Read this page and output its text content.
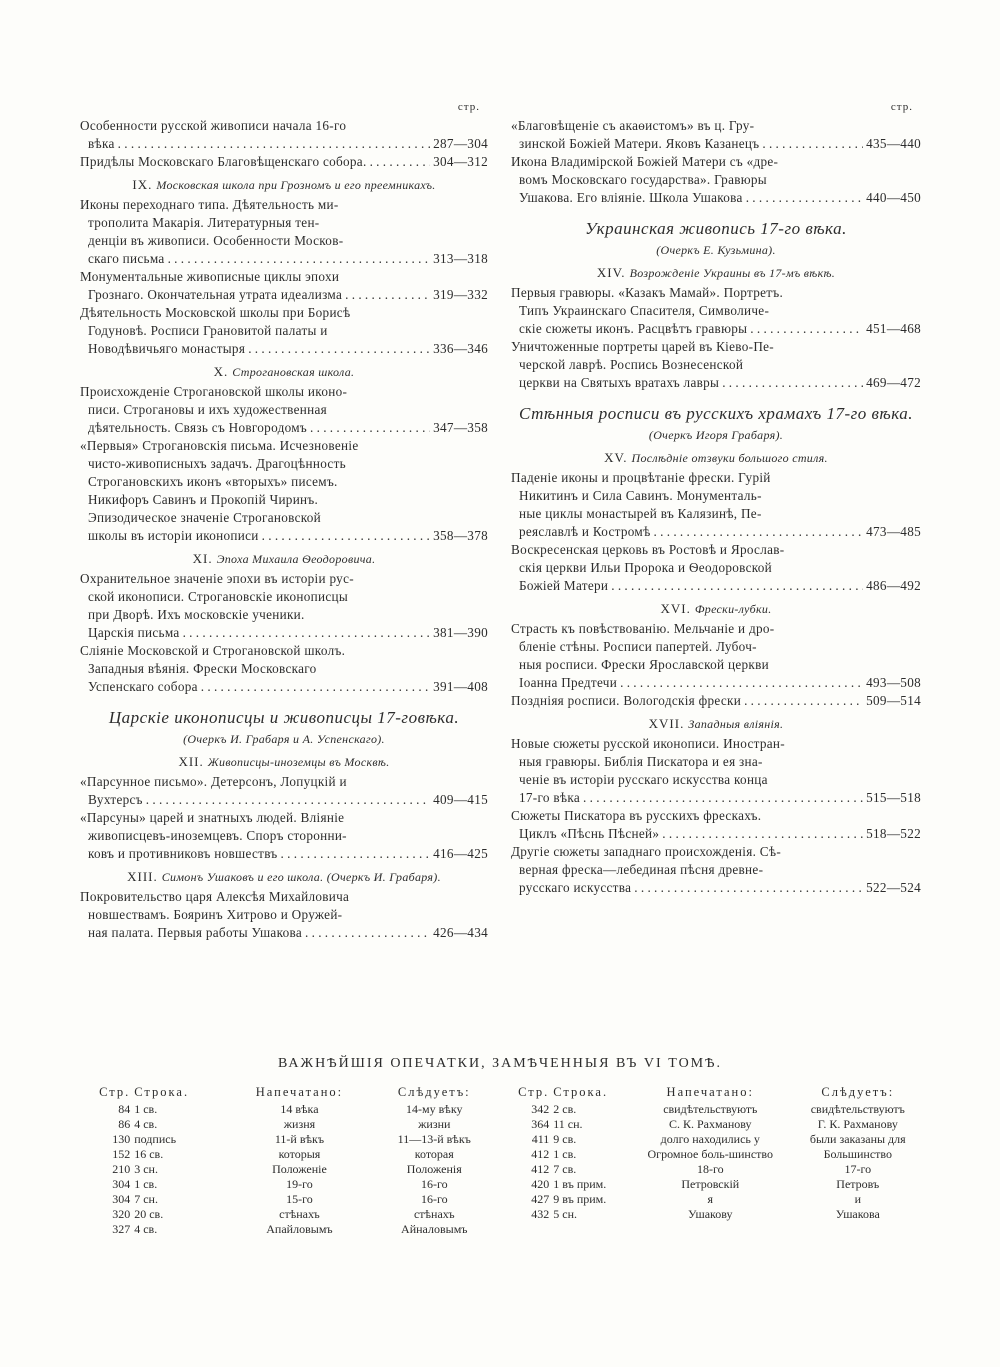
стр.
Особенности русской живописи начала 16-го
вѣка . . .	287—304
Придѣлы Московскаго Благовѣщенскаго собора. . . .	304—312
IX. Московская школа при Грозномъ и его преемникахъ.
Иконы переходнаго типа. Дѣятельность ми-
трополита Макарія. Литературныя тен-
денціи въ живописи. Особенности Москов-
скаго письма . . .	313—318
Монументальные живописные циклы эпохи
Грознаго. Окончательная утрата идеализма . . .	319—332
Дѣятельность Московской школы при Борисѣ
Годуновѣ. Росписи Грановитой палаты и
Новодѣвичьяго монастыря . . .	336—346
X. Строгановская школа.
Происхожденіе Строгановской школы иконо-
писи. Строгановы и ихъ художественная
дѣятельность. Связь съ Новгородомъ . . .	347—358
«Первыя» Строгановскія письма. Исчезновеніе
чисто-живописныхъ задачъ. Драгоцѣнность
Строгановскихъ иконъ «вторыхъ» писемъ.
Никифоръ Савинъ и Прокопій Чиринъ.
Эпизодическое значеніе Строгановской
школы въ исторіи иконописи . . .	358—378
XI. Эпоха Михаила Ѳеодоровича.
Охранительное значеніе эпохи въ исторіи рус-
ской иконописи. Строгановскіе иконописцы
при Дворѣ. Ихъ московскіе ученики.
Царскія письма . . .	381—390
Сліяніе Московской и Строгановской школъ.
Западныя вѣянія. Фрески Московскаго
Успенскаго собора . . .	391—408
Царскіе иконописцы и живописцы 17-говѣка.
(Очеркъ И. Грабаря и А. Успенскаго).
XII. Живописцы-иноземцы въ Москвѣ.
«Парсунное письмо». Детерсонъ, Лопуцкій и
Вухтерсъ . . .	409—415
«Парсуны» царей и знатныхъ людей. Вліяніе
живописцевъ-иноземцевъ. Споръ сторонни-
ковъ и противниковъ новшествъ . . .	416—425
XIII. Симонъ Ушаковъ и его школа. (Очеркъ И. Грабаря).
Покровительство царя Алексѣя Михайловича
новшествамъ. Бояринъ Хитрово и Оружей-
ная палата. Первыя работы Ушакова . . .	426—434
стр.
«Благовѣщеніе съ акаѳистомъ» въ ц. Гру-
зинской Божіей Матери. Яковъ Казанецъ . . .	435—440
Икона Владимірской Божіей Матери съ «дре-
вомъ Московскаго государства». Гравюры
Ушакова. Его вліяніе. Школа Ушакова . . .	440—450
Украинская живопись 17-го вѣка.
(Очеркъ Е. Кузьмина).
XIV. Возрожденіе Украины въ 17-мъ вѣкѣ.
Первыя гравюры. «Казакъ Мамай». Портретъ.
Типъ Украинскаго Спасителя, Символиче-
скіе сюжеты иконъ. Расцвѣтъ гравюры . . .	451—468
Уничтоженные портреты царей въ Кіево-Пе-
черской лаврѣ. Роспись Вознесенской
церкви на Святыхъ вратахъ лавры . . .	469—472
Стѣнныя росписи въ русскихъ храмахъ 17-го вѣка.
(Очеркъ Игоря Грабаря).
XV. Послѣдніе отзвуки большого стиля.
Паденіе иконы и процвѣтаніе фрески. Гурій
Никитинъ и Сила Савинъ. Монументаль-
ные циклы монастырей въ Калязинѣ, Пе-
реяславлѣ и Костромѣ . . .	473—485
Воскресенская церковь въ Ростовѣ и Ярослав-
скія церкви Ильи Пророка и Ѳеодоровской
Божіей Матери . . .	486—492
XVI. Фрески-лубки.
Страсть къ повѣствованію. Мельчаніе и дро-
бленіе стѣны. Росписи папертей. Лубоч-
ныя росписи. Фрески Ярославской церкви
Іоанна Предтечи . . .	493—508
Поздніяя росписи. Вологодскія фрески . . .	509—514
XVII. Западныя вліянія.
Новые сюжеты русской иконописи. Иностран-
ныя гравюры. Библія Пискатора и ея зна-
ченіе въ исторіи русскаго искусства конца
17-го вѣка . . .	515—518
Сюжеты Пискатора въ русскихъ фрескахъ.
Циклъ «Пѣснь Пѣсней» . . .	518—522
Другіе сюжеты западнаго происхожденія. Сѣ-
верная фреска—лебединая пѣсня древне-
русскаго искусства . . .	522—524
ВАЖНѢЙШІЯ ОПЕЧАТКИ, ЗАМѢЧЕННЫЯ ВЪ VI ТОМѢ.
Стр.	Строка.	Напечатано:	Слѣдуетъ:
84	1 св.	14 вѣка	14-му вѣку
86	4 св.	жизня	жизни
130	подпись	11-й вѣкъ	11—13-й вѣкъ
152	16 св.	которыя	которая
210	3 сн.	Положеніе	Положенія
304	1 св.	19-го	16-го
304	7 сн.	15-го	16-го
320	20 св.	стѣнахъ	стѣнахъ
327	4 св.	Апайловымъ	Айналовымъ
Стр.	Строка.	Напечатано:	Слѣдуетъ:
342	2 св.	свидѣтельствуютъ	свидѣтельствуютъ
364	11 сн.	С. К. Рахманову	Г. К. Рахманову
411	9 св.	долго находились у	были заказаны для
412	1 св.	Огромное боль-шинство	Большинство
412	7 св.	18-го	17-го
420	1 въ прим.	Петровскій	Петровъ
427	9 въ прим.	я	и
432	5 сн.	Ушакову	Ушакова
